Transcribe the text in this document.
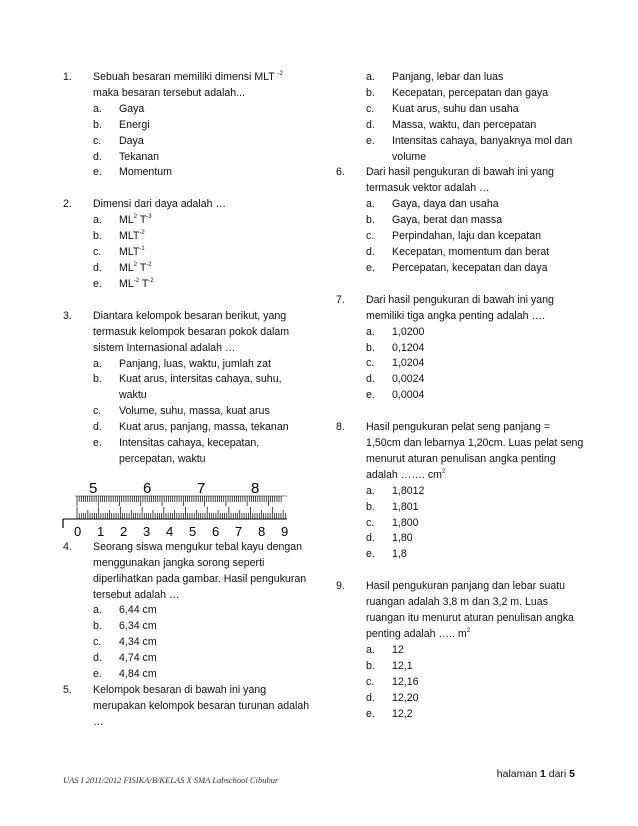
1.	Sebuah besaran memiliki dimensi MLT $^{-2}$ maka besaran tersebut adalah...
a. Gaya
b. Energi
c. Daya
d. Tekanan
e. Momentum
2.	Dimensi dari daya adalah …
a. $ML^2$ $T^{-3}$
b. $MLT^{-2}$
c. $MLT^{-1}$
d. $ML^2$ $T^{-2}$
e. $ML^{-2}$ $T^{-2}$
3.	Diantara kelompok besaran berikut, yang termasuk kelompok besaran pokok dalam sistem Internasional adalah …
a. Panjang, luas, waktu, jumlah zat
b. Kuat arus, intersitas cahaya, suhu, waktu
c. Volume, suhu, massa, kuat arus
d. Kuat arus, panjang, massa, tekanan
e. Intensitas cahaya, kecepatan, percepatan, waktu
0 1 2 3 4 5 6 7 8 9
5	6	7	8
4.	Seorang siswa mengukur tebal kayu dengan menggunakan jangka sorong seperti diperlihatkan pada gambar. Hasil pengukuran tersebut adalah …
a. 6,44 cm
b. 6,34 cm
c. 4,34 cm
d. 4,74 cm
e. 4,84 cm
5.	Kelompok besaran di bawah ini yang merupakan kelompok besaran turunan adalah …
a. Panjang, lebar dan luas
b. Kecepatan, percepatan dan gaya
c. Kuat arus, suhu dan usaha
d. Massa, waktu, dan percepatan
e. Intensitas cahaya, banyaknya mol dan volume
6.	Dari hasil pengukuran di bawah ini yang termasuk vektor adalah …
a. Gaya, daya dan usaha
b. Gaya, berat dan massa
c. Perpindahan, laju dan kcepatan
d. Kecepatan, momentum dan berat
e. Percepatan, kecepatan dan daya
7.	Dari hasil pengukuran di bawah ini yang memiliki tiga angka penting adalah ….
a. 1,0200
b. 0,1204
c. 1,0204
d. 0,0024
e. 0,0004
8.	Hasil pengukuran pelat seng panjang = 1,50cm dan lebarnya 1,20cm. Luas pelat seng menurut aturan penulisan angka penting adalah ……. $cm^2$
a. 1,8012
b. 1,801
c. 1,800
d. 1,80
e. 1,8
9.	Hasil pengukuran panjang dan lebar suatu ruangan adalah 3,8 m dan 3,2 m. Luas ruangan itu menurut aturan penulisan angka penting adalah ….. $m^2$
a. 12
b. 12,1
c. 12,16
d. 12,20
e. 12,2
UAS I 2011/2012 FISIKA/B/KELAS X SMA Labschool Cibubur	halaman 1 dari 5
